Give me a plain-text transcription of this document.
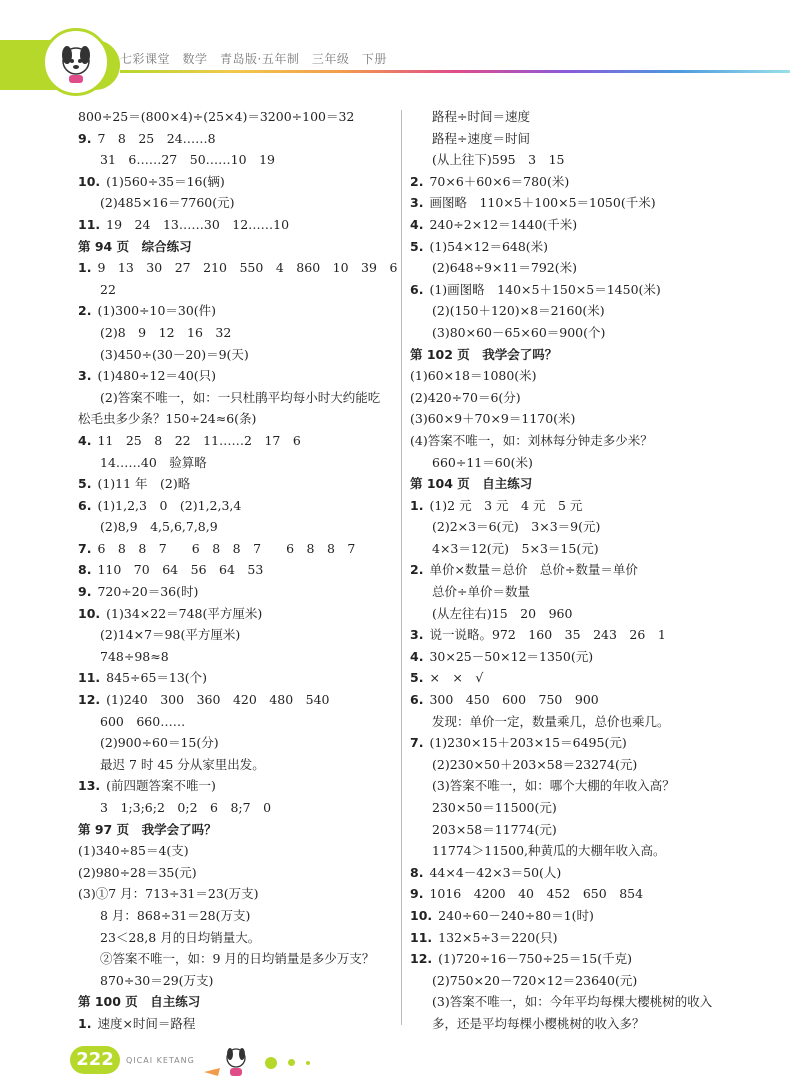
七彩课堂　数学　青岛版·五年制　三年级　下册
800÷25＝(800×4)÷(25×4)＝3200÷100＝32
9. 7　8　25　24……8
31　6……27　50……10　19
10. (1)560÷35＝16(辆)
(2)485×16＝7760(元)
11. 19　24　13……30　12……10
第 94 页　综合练习
1. 9　13　30　27　210　550　4　860　10　39　6
22
2. (1)300÷10＝30(件)
(2)8　9　12　16　32
(3)450÷(30－20)＝9(天)
3. (1)480÷12＝40(只)
(2)答案不唯一，如：一只杜鹃平均每小时大约能吃
松毛虫多少条？150÷24≈6(条)
4. 11　25　8　22　11……2　17　6
14……40　验算略
5. (1)11 年　(2)略
6. (1)1,2,3　0　(2)1,2,3,4
(2)8,9　4,5,6,7,8,9
7. 6　8　8　7　　6　8　8　7　　6　8　8　7
8. 110　70　64　56　64　53
9. 720÷20＝36(时)
10. (1)34×22＝748(平方厘米)
(2)14×7＝98(平方厘米)
748÷98≈8
11. 845÷65＝13(个)
12. (1)240　300　360　420　480　540
600　660……
(2)900÷60＝15(分)
最迟 7 时 45 分从家里出发。
13. (前四题答案不唯一)
3　1;3;6;2　0;2　6　8;7　0
第 97 页　我学会了吗？
(1)340÷85＝4(支)
(2)980÷28＝35(元)
(3)①7 月：713÷31＝23(万支)
8 月：868÷31＝28(万支)
23＜28,8 月的日均销量大。
②答案不唯一，如：9 月的日均销量是多少万支？
870÷30＝29(万支)
第 100 页　自主练习
1. 速度×时间＝路程
路程÷时间＝速度
路程÷速度＝时间
(从上往下)595　3　15
2. 70×6＋60×6＝780(米)
3. 画图略　110×5＋100×5＝1050(千米)
4. 240÷2×12＝1440(千米)
5. (1)54×12＝648(米)
(2)648÷9×11＝792(米)
6. (1)画图略　140×5＋150×5＝1450(米)
(2)(150＋120)×8＝2160(米)
(3)80×60－65×60＝900(个)
第 102 页　我学会了吗？
(1)60×18＝1080(米)
(2)420÷70＝6(分)
(3)60×9＋70×9＝1170(米)
(4)答案不唯一，如：刘林每分钟走多少米？
660÷11＝60(米)
第 104 页　自主练习
1. (1)2 元　3 元　4 元　5 元
(2)2×3＝6(元)　3×3＝9(元)
4×3＝12(元)　5×3＝15(元)
2. 单价×数量＝总价　总价÷数量＝单价
总价÷单价＝数量
(从左往右)15　20　960
3. 说一说略。972　160　35　243　26　1
4. 30×25－50×12＝1350(元)
5. ×　×　√
6. 300　450　600　750　900
发现：单价一定，数量乘几，总价也乘几。
7. (1)230×15＋203×15＝6495(元)
(2)230×50＋203×58＝23274(元)
(3)答案不唯一，如：哪个大棚的年收入高？
230×50＝11500(元)
203×58＝11774(元)
11774＞11500,种黄瓜的大棚年收入高。
8. 44×4－42×3＝50(人)
9. 1016　4200　40　452　650　854
10. 240÷60－240÷80＝1(时)
11. 132×5÷3＝220(只)
12. (1)720÷16－750÷25＝15(千克)
(2)750×20－720×12＝23640(元)
(3)答案不唯一，如：今年平均每棵大樱桃树的收入
多，还是平均每棵小樱桃树的收入多？
222	QICAI KETANG
